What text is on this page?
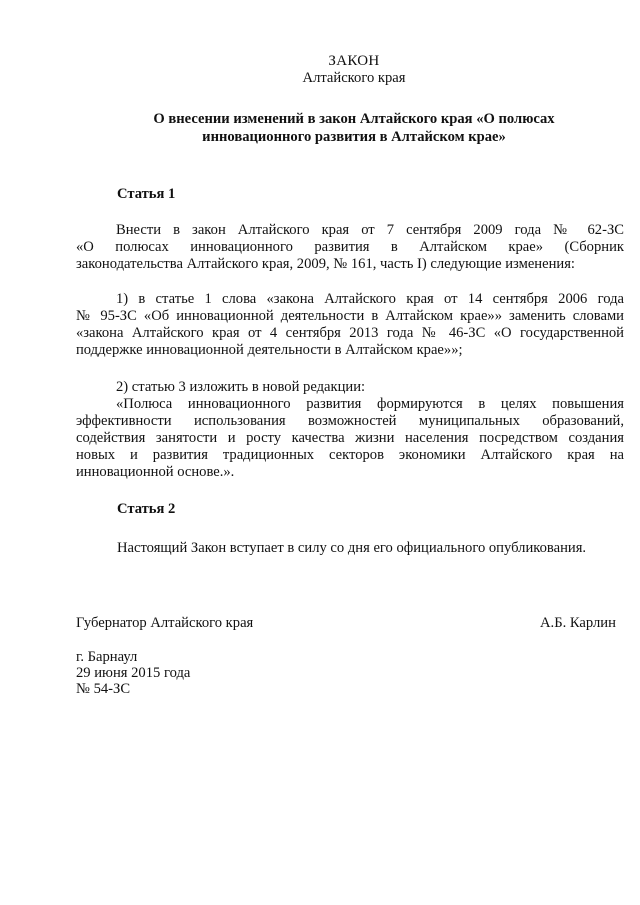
ЗАКОН
Алтайского края
О внесении изменений в закон Алтайского края «О полюсах
инновационного развития в Алтайском крае»
Статья 1
Внести в закон Алтайского края от 7 сентября 2009 года № 62-ЗС
«О полюсах инновационного развития в Алтайском крае» (Сборник
законодательства Алтайского края, 2009, № 161, часть I) следующие изменения:
1) в статье 1 слова «закона Алтайского края от 14 сентября 2006 года
№ 95-ЗС «Об инновационной деятельности в Алтайском крае»» заменить словами
«закона Алтайского края от 4 сентября 2013 года № 46-ЗС «О государственной
поддержке инновационной деятельности в Алтайском крае»»;
2) статью 3 изложить в новой редакции:
«Полюса инновационного развития формируются в целях повышения
эффективности использования возможностей муниципальных образований,
содействия занятости и росту качества жизни населения посредством создания
новых и развития традиционных секторов экономики Алтайского края на
инновационной основе.».
Статья 2
Настоящий Закон вступает в силу со дня его официального опубликования.
Губернатор Алтайского края	А.Б. Карлин
г. Барнаул
29 июня 2015 года
№ 54-ЗС
